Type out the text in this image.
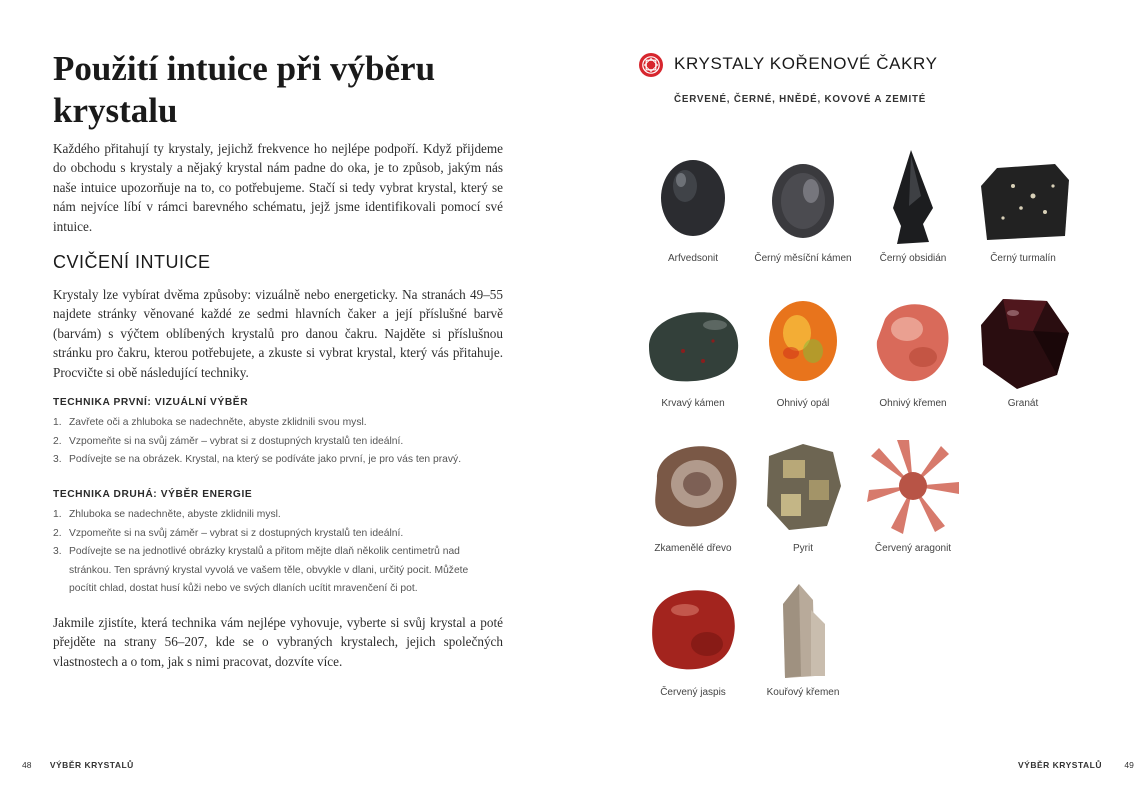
Použití intuice při výběru krystalu

Každého přitahují ty krystaly, jejichž frekvence ho nejlépe podpoří. Když přijdeme do obchodu s krystaly a nějaký krystal nám padne do oka, je to způsob, jakým nás naše intuice upozorňuje na to, co potřebujeme. Stačí si tedy vybrat krystal, který se nám nejvíce líbí v rámci barevného schématu, jejž jsme identifikovali pomocí své intuice.

CVIČENÍ INTUICE

Krystaly lze vybírat dvěma způsoby: vizuálně nebo energeticky. Na stranách 49–55 najdete stránky věnované každé ze sedmi hlavních čaker a její příslušné barvě (barvám) s výčtem oblíbených krystalů pro danou čakru. Najděte si příslušnou stránku pro čakru, kterou potřebujete, a zkuste si vybrat krystal, který vás přitahuje. Procvičte si obě následující techniky.

TECHNIKA PRVNÍ: VIZUÁLNÍ VÝBĚR
1. Zavřete oči a zhluboka se nadechněte, abyste zklidnili svou mysl.
2. Vzpomeňte si na svůj záměr – vybrat si z dostupných krystalů ten ideální.
3. Podívejte se na obrázek. Krystal, na který se podíváte jako první, je pro vás ten pravý.
TECHNIKA DRUHÁ: VÝBĚR ENERGIE
1. Zhluboka se nadechněte, abyste zklidnili mysl.
2. Vzpomeňte si na svůj záměr – vybrat si z dostupných krystalů ten ideální.
3. Podívejte se na jednotlivé obrázky krystalů a přitom mějte dlaň několik centimetrů nad stránkou. Ten správný krystal vyvolá ve vašem těle, obvykle v dlani, určitý pocit. Můžete pocítit chlad, dostat husí kůži nebo ve svých dlaních ucítit mravenčení či pot.

Jakmile zjistíte, která technika vám nejlépe vyhovuje, vyberte si svůj krystal a poté přejděte na strany 56–207, kde se o vybraných krystalech, jejich společných vlastnostech a o tom, jak s nimi pracovat, dozvíte více.

48 VÝBĚR KRYSTALŮ
KRYSTALY KOŘENOVÉ ČAKRY
ČERVENÉ, ČERNÉ, HNĚDÉ, KOVOVÉ A ZEMITÉ
Arfvedsonit	Černý měsíční kámen	Černý obsidián	Černý turmalín
Krvavý kámen	Ohnivý opál	Ohnivý křemen	Granát
Zkamenělé dřevo	Pyrit	Červený aragonit
Červený jaspis	Kouřový křemen
VÝBĚR KRYSTALŮ	49
